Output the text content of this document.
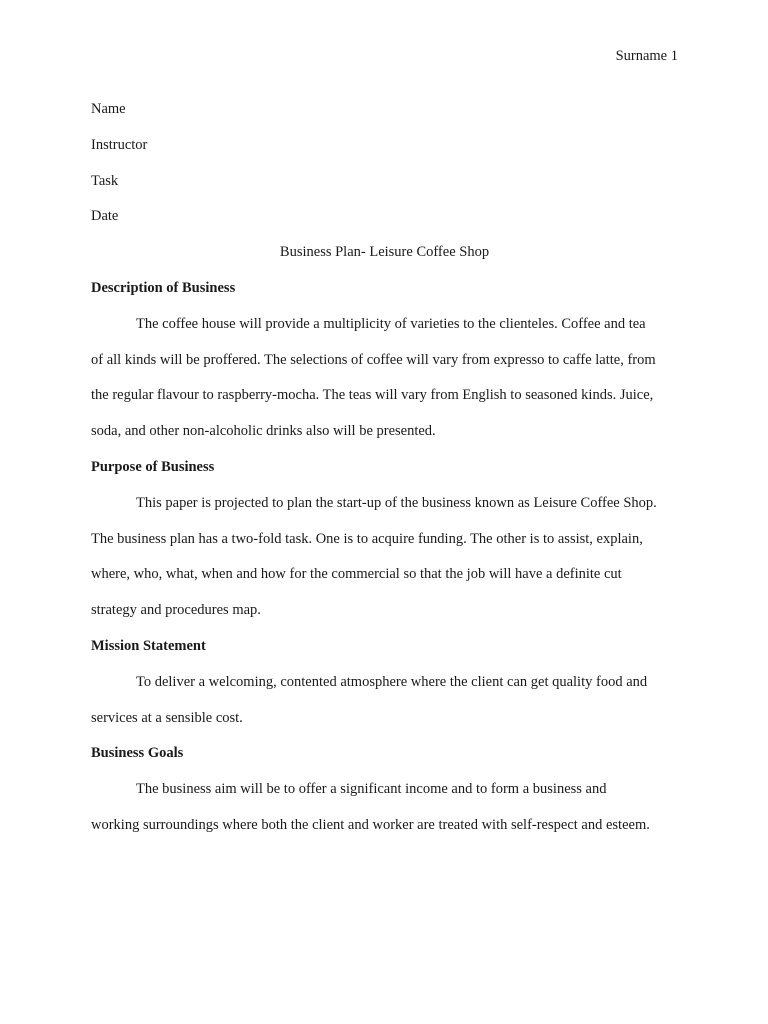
Surname 1
Name
Instructor
Task
Date
Business Plan- Leisure Coffee Shop
Description of Business
The coffee house will provide a multiplicity of varieties to the clienteles. Coffee and tea
of all kinds will be proffered. The selections of coffee will vary from expresso to caffe latte, from
the regular flavour to raspberry-mocha. The teas will vary from English to seasoned kinds. Juice,
soda, and other non-alcoholic drinks also will be presented.
Purpose of Business
This paper is projected to plan the start-up of the business known as Leisure Coffee Shop.
The business plan has a two-fold task. One is to acquire funding. The other is to assist, explain,
where, who, what, when and how for the commercial so that the job will have a definite cut
strategy and procedures map.
Mission Statement
To deliver a welcoming, contented atmosphere where the client can get quality food and
services at a sensible cost.
Business Goals
The business aim will be to offer a significant income and to form a business and
working surroundings where both the client and worker are treated with self-respect and esteem.
